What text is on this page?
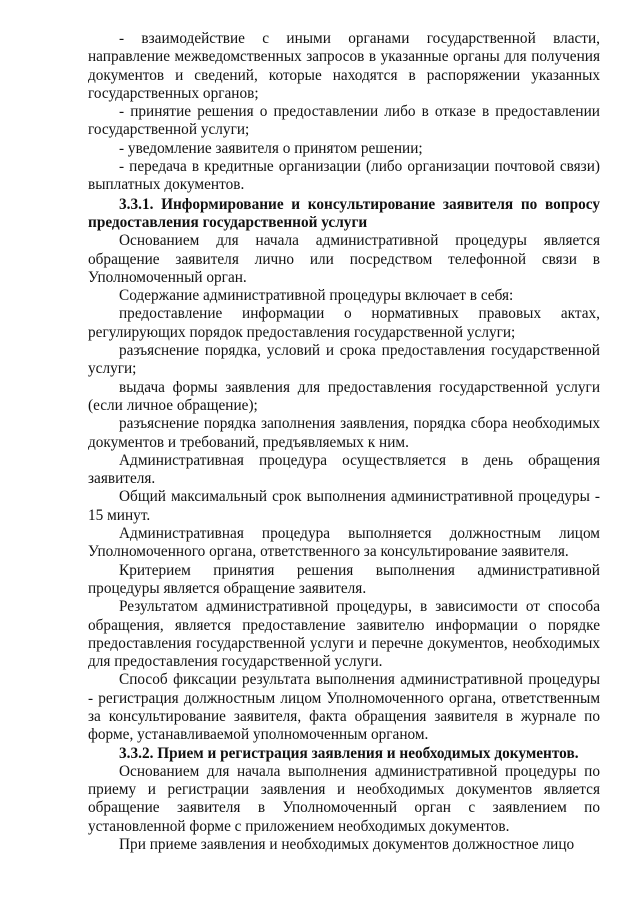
- взаимодействие с иными органами государственной власти, направление межведомственных запросов в указанные органы для получения документов и сведений, которые находятся в распоряжении указанных государственных органов;

- принятие решения о предоставлении либо в отказе в предоставлении государственной услуги;

- уведомление заявителя о принятом решении;

- передача в кредитные организации (либо организации почтовой связи) выплатных документов.

3.3.1. Информирование и консультирование заявителя по вопросу предоставления государственной услуги

Основанием для начала административной процедуры является обращение заявителя лично или посредством телефонной связи в Уполномоченный орган.

Содержание административной процедуры включает в себя:

предоставление информации о нормативных правовых актах, регулирующих порядок предоставления государственной услуги;

разъяснение порядка, условий и срока предоставления государственной услуги;

выдача формы заявления для предоставления государственной услуги (если личное обращение);

разъяснение порядка заполнения заявления, порядка сбора необходимых документов и требований, предъявляемых к ним.

Административная процедура осуществляется в день обращения заявителя.

Общий максимальный срок выполнения административной процедуры - 15 минут.

Административная процедура выполняется должностным лицом Уполномоченного органа, ответственного за консультирование заявителя.

Критерием принятия решения выполнения административной процедуры является обращение заявителя.

Результатом административной процедуры, в зависимости от способа обращения, является предоставление заявителю информации о порядке предоставления государственной услуги и перечне документов, необходимых для предоставления государственной услуги.

Способ фиксации результата выполнения административной процедуры - регистрация должностным лицом Уполномоченного органа, ответственным за консультирование заявителя, факта обращения заявителя в журнале по форме, устанавливаемой уполномоченным органом.

3.3.2. Прием и регистрация заявления и необходимых документов.

Основанием для начала выполнения административной процедуры по приему и регистрации заявления и необходимых документов является обращение заявителя в Уполномоченный орган с заявлением по установленной форме с приложением необходимых документов.

При приеме заявления и необходимых документов должностное лицо
